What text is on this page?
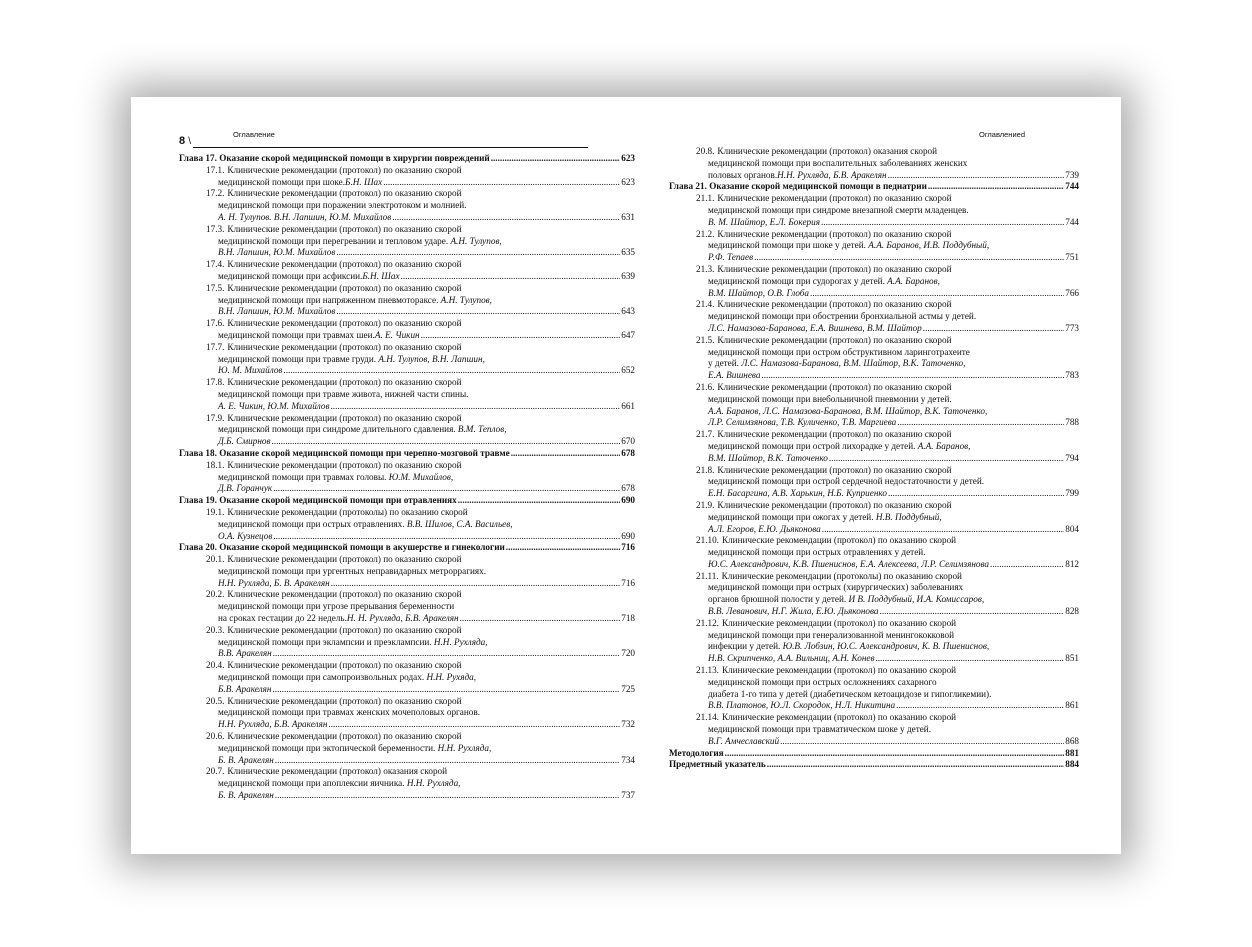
8 \
Оглавление
Глава 17. Оказание скорой медицинской помощи в хирургии повреждений .....	623
17.1. Клинические рекомендации (протокол) по оказанию скорой
медицинской помощи при шоке. Б.Н. Шах .....	623
17.2. Клинические рекомендации (протокол) по оказанию скорой
медицинской помощи при поражении электротоком и молнией.
А. Н. Тулупов. В.Н. Лапшин, Ю.М. Михайлов .....	631
17.3. Клинические рекомендации (протокол) по оказанию скорой
медицинской помощи при перегревании и тепловом ударе. А.Н. Тулупов,
В.Н. Лапшин, Ю.М. Михайлов .....	635
17.4. Клинические рекомендации (протокол) по оказанию скорой
медицинской помощи при асфиксии. Б.Н. Шах .....	639
17.5. Клинические рекомендации (протокол) по оказанию скорой
медицинской помощи при напряженном пневмотораксе. А.Н. Тулупов,
В.Н. Лапшин, Ю.М. Михайлов .....	643
17.6. Клинические рекомендации (протокол) по оказанию скорой
медицинской помощи при травмах шеи. А. Е. Чикин .....	647
17.7. Клинические рекомендации (протокол) по оказанию скорой
медицинской помощи при травме груди. А.Н. Тулупов, В.Н. Лапшин,
Ю. М. Михайлов .....	652
17.8. Клинические рекомендации (протокол) по оказанию скорой
медицинской помощи при травме живота, нижней части спины.
А. Е. Чикин, Ю.М. Михайлов .....	661
17.9. Клинические рекомендации (протокол) по оказанию скорой
медицинской помощи при синдроме длительного сдавления. В.М. Теплов,
Д.Б. Смирнов .....	670
Глава 18. Оказание скорой медицинской помощи при черепно-мозговой травме .....	678
18.1. Клинические рекомендации (протокол) по оказанию скорой
медицинской помощи при травмах головы. Ю.М. Михайлов,
Д.В. Горанчук .....	678
Глава 19. Оказание скорой медицинской помощи при отравлениях .....	690
19.1. Клинические рекомендации (протоколы) по оказанию скорой
медицинской помощи при острых отравлениях. В.В. Шилов, С.А. Васильев,
О.А. Кузнецов .....	690
Глава 20. Оказание скорой медицинской помощи в акушерстве и гинекологии .....	716
20.1. Клинические рекомендации (протокол) по оказанию скорой
медицинской помощи при ургентных неправидарных метроррагиях.
Н.Н. Рухляда, Б. В. Аракелян .....	716
20.2. Клинические рекомендации (протокол) по оказанию скорой
медицинской помощи при угрозе прерывания беременности
на сроках гестации до 22 недель. Н. Н. Рухляда, Б.В. Аракелян .....	718
20.3. Клинические рекомендации (протокол) по оказанию скорой
медицинской помощи при эклампсии и преэклампсии. Н.Н. Рухляда,
В.В. Аракелян .....	720
20.4. Клинические рекомендации (протокол) по оказанию скорой
медицинской помощи при самопроизвольных родах. Н.Н. Рухяда,
Б.В. Аракелян .....	725
20.5. Клинические рекомендации (протокол) по оказанию скорой
медицинской помощи при травмах женских мочеполовых органов.
Н.Н. Рухляда, Б.В. Аракелян .....	732
20.6. Клинические рекомендации (протокол) по оказанию скорой
медицинской помощи при эктопической беременности. Н.Н. Рухляда,
Б. В. Аракелян .....	734
20.7. Клинические рекомендации (протокол) оказания скорой
медицинской помощи при апоплексии яичника. Н.Н. Рухляда,
Б. В. Аракелян .....	737
Оглавлениеd
20.8. Клинические рекомендации (протокол) оказания скорой
медицинской помощи при воспалительных заболеваниях женских
половых органов. Н.Н. Рухляда, Б.В. Аракелян .....	739
Глава 21. Оказание скорой медицинской помощи в педиатрии .....	744
21.1. Клинические рекомендации (протокол) по оказанию скорой
медицинской помощи при синдроме внезапной смерти младенцев.
В. М. Шайтор, Е.Л. Бокерия .....	744
21.2. Клинические рекомендации (протокол) по оказанию скорой
медицинской помощи при шоке у детей. А.А. Баранов, И.В. Поддубный,
Р.Ф. Тепаев .....	751
21.3. Клинические рекомендации (протокол) по оказанию скорой
медицинской помощи при судорогах у детей. А.А. Баранов,
В.М. Шайтор, О.В. Глоба .....	766
21.4. Клинические рекомендации (протокол) по оказанию скорой
медицинской помощи при обострении бронхиальной астмы у детей.
Л.С. Намазова-Баранова, Е.А. Вишнева, В.М. Шайтор .....	773
21.5. Клинические рекомендации (протокол) по оказанию скорой
медицинской помощи при остром обструктивном ларинготрахеите
у детей. Л.С. Намазова-Баранова, В.М. Шайтор, В.К. Таточенко,
Е.А. Вишнева .....	783
21.6. Клинические рекомендации (протокол) по оказанию скорой
медицинской помощи при внебольничной пневмонии у детей.
А.А. Баранов, Л.С. Намазова-Баранова, В.М. Шайтор, В.К. Таточенко,
Л.Р. Селимзянова, Т.В. Куличенко, Т.В. Маргиева .....	788
21.7. Клинические рекомендации (протокол) по оказанию скорой
медицинской помощи при острой лихорадке у детей. А.А. Баранов,
В.М. Шайтор, В.К. Таточенко .....	794
21.8. Клинические рекомендации (протокол) по оказанию скорой
медицинской помощи при острой сердечной недостаточности у детей.
Е.Н. Басаргина, А.В. Харькин, Н.Б. Куприенко .....	799
21.9. Клинические рекомендации (протокол) по оказанию скорой
медицинской помощи при ожогах у детей. Н.В. Поддубный,
А.Л. Егоров, Е.Ю. Дьяконова .....	804
21.10. Клинические рекомендации (протокол) по оказанию скорой
медицинской помощи при острых отравлениях у детей.
Ю.С. Александрович, К.В. Пшениснов, Е.А. Алексеева, Л.Р. Селимзянова .....	812
21.11. Клинические рекомендации (протоколы) по оказанию скорой
медицинской помощи при острых (хирургических) заболеваниях
органов брюшной полости у детей. И В. Поддубный, И.А. Комиссаров,
В.В. Леванович, Н.Г. Жила, Е.Ю. Дьяконова .....	828
21.12. Клинические рекомендации (протокол) по оказанию скорой
медицинской помощи при генерализованной менингококковой
инфекции у детей. Ю.В. Лобзин, Ю.С. Александрович, К. В. Пшениснов,
Н.В. Скрипченко, А.А. Вильниц, А.Н. Конев .....	851
21.13. Клинические рекомендации (протокол) по оказанию скорой
медицинской помощи при острых осложнениях сахарного
диабета 1-го типа у детей (диабетическом кетоацидозе и гипогликемии).
В.В. Платонов, Ю.Л. Скородок, Н.Л. Никитина .....	861
21.14. Клинические рекомендации (протокол) по оказанию скорой
медицинской помощи при травматическом шоке у детей.
В.Г. Амчеславский .....	868
Методология .....	881
Предметный указатель .....	884
